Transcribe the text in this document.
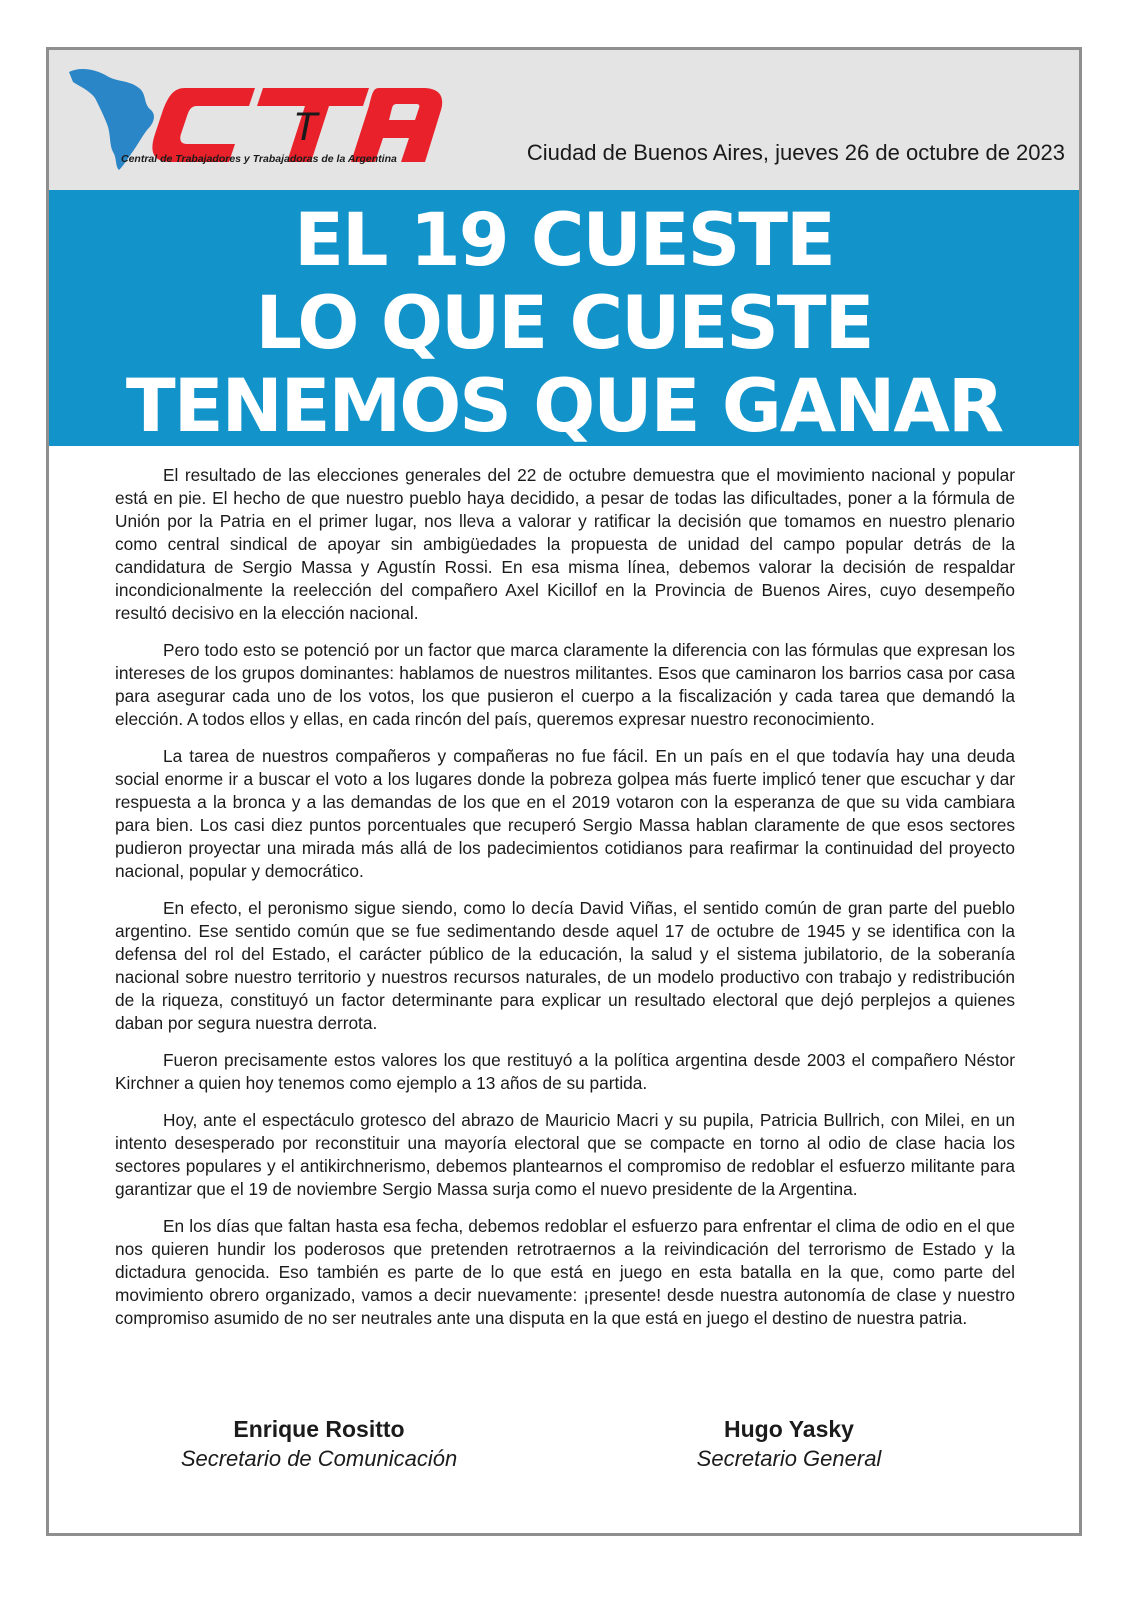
T
Central de Trabajadores y Trabajadoras de la Argentina	Ciudad de Buenos Aires, jueves 26 de octubre de 2023
EL 19 CUESTE
LO QUE CUESTE
TENEMOS QUE GANAR

El resultado de las elecciones generales del 22 de octubre demuestra que el movimiento nacional y popular está en pie. El hecho de que nuestro pueblo haya decidido, a pesar de todas las dificultades, poner a la fórmula de Unión por la Patria en el primer lugar, nos lleva a valorar y ratificar la decisión que tomamos en nuestro plenario como central sindical de apoyar sin ambigüedades la propuesta de unidad del campo popular detrás de la candidatura de Sergio Massa y Agustín Rossi. En esa misma línea, debemos valorar la decisión de respaldar incondicionalmente la reelección del compañero Axel Kicillof en la Provincia de Buenos Aires, cuyo desempeño resultó decisivo en la elección nacional.

Pero todo esto se potenció por un factor que marca claramente la diferencia con las fórmulas que expresan los intereses de los grupos dominantes: hablamos de nuestros militantes. Esos que caminaron los barrios casa por casa para asegurar cada uno de los votos, los que pusieron el cuerpo a la fiscalización y cada tarea que demandó la elección. A todos ellos y ellas, en cada rincón del país, queremos expresar nuestro reconocimiento.

La tarea de nuestros compañeros y compañeras no fue fácil. En un país en el que todavía hay una deuda social enorme ir a buscar el voto a los lugares donde la pobreza golpea más fuerte implicó tener que escuchar y dar respuesta a la bronca y a las demandas de los que en el 2019 votaron con la esperanza de que su vida cambiara para bien. Los casi diez puntos porcentuales que recuperó Sergio Massa hablan claramente de que esos sectores pudieron proyectar una mirada más allá de los padecimientos cotidianos para reafirmar la continuidad del proyecto nacional, popular y democrático.

En efecto, el peronismo sigue siendo, como lo decía David Viñas, el sentido común de gran parte del pueblo argentino. Ese sentido común que se fue sedimentando desde aquel 17 de octubre de 1945 y se identifica con la defensa del rol del Estado, el carácter público de la educación, la salud y el sistema jubilatorio, de la soberanía nacional sobre nuestro territorio y nuestros recursos naturales, de un modelo productivo con trabajo y redistribución de la riqueza, constituyó un factor determinante para explicar un resultado electoral que dejó perplejos a quienes daban por segura nuestra derrota.

Fueron precisamente estos valores los que restituyó a la política argentina desde 2003 el compañero Néstor Kirchner a quien hoy tenemos como ejemplo a 13 años de su partida.

Hoy, ante el espectáculo grotesco del abrazo de Mauricio Macri y su pupila, Patricia Bullrich, con Milei, en un intento desesperado por reconstituir una mayoría electoral que se compacte en torno al odio de clase hacia los sectores populares y el antikirchnerismo, debemos plantearnos el compromiso de redoblar el esfuerzo militante para garantizar que el 19 de noviembre Sergio Massa surja como el nuevo presidente de la Argentina.

En los días que faltan hasta esa fecha, debemos redoblar el esfuerzo para enfrentar el clima de odio en el que nos quieren hundir los poderosos que pretenden retrotraernos a la reivindicación del terrorismo de Estado y la dictadura genocida. Eso también es parte de lo que está en juego en esta batalla en la que, como parte del movimiento obrero organizado, vamos a decir nuevamente: ¡presente! desde nuestra autonomía de clase y nuestro compromiso asumido de no ser neutrales ante una disputa en la que está en juego el destino de nuestra patria.

Enrique Rositto
Secretario de Comunicación
Hugo Yasky
Secretario General
